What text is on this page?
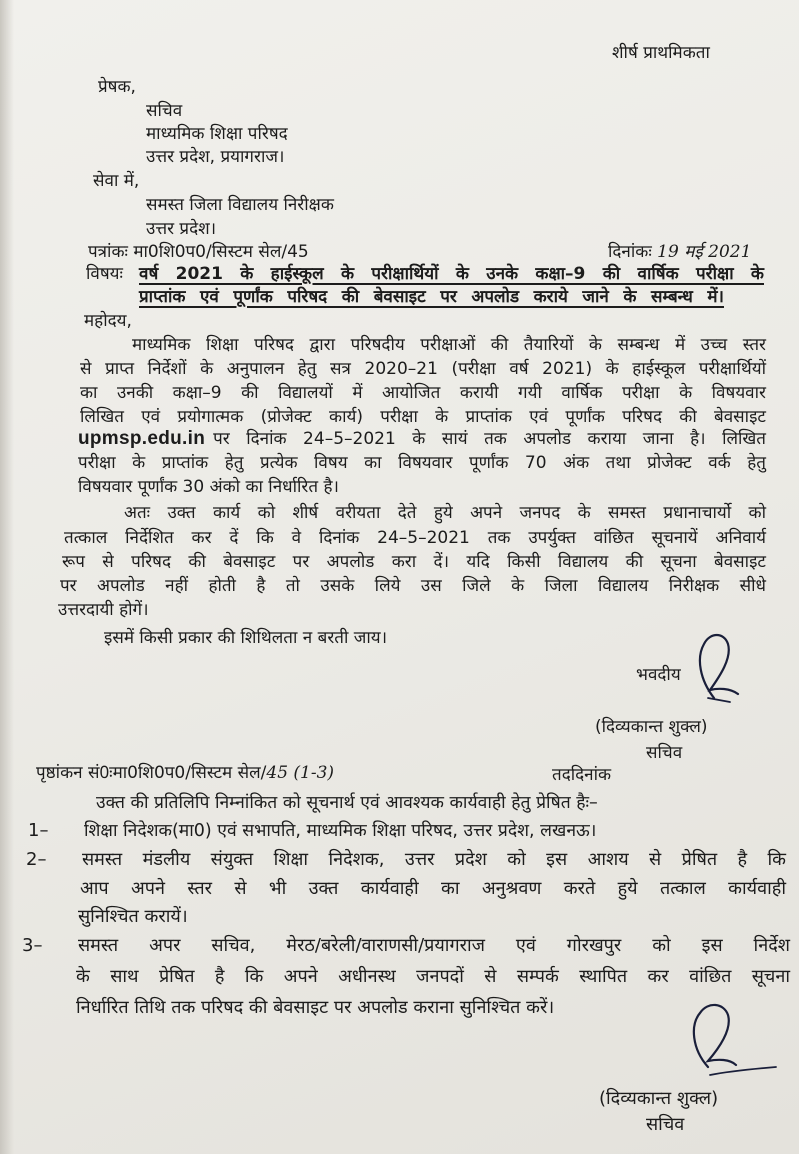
शीर्ष प्राथमिकता
प्रेषक,
सचिव
माध्यमिक शिक्षा परिषद
उत्तर प्रदेश, प्रयागराज।
सेवा में,
समस्त जिला विद्यालय निरीक्षक
उत्तर प्रदेश।
पत्रांकः मा0शि0प0/सिस्टम सेल/45	दिनांकः 19 मई 2021
विषयः वर्ष 2021 के हाईस्कूल के परीक्षार्थियों के उनके कक्षा–9 की वार्षिक परीक्षा के
प्राप्तांक एवं पूर्णांक परिषद की बेवसाइट पर अपलोड कराये जाने के सम्बन्ध में।
महोदय,
माध्यमिक शिक्षा परिषद द्वारा परिषदीय परीक्षाओं की तैयारियों के सम्बन्ध में उच्च स्तर
से प्राप्त निर्देशों के अनुपालन हेतु सत्र 2020–21 (परीक्षा वर्ष 2021) के हाईस्कूल परीक्षार्थियों
का उनकी कक्षा–9 की विद्यालयों में आयोजित करायी गयी वार्षिक परीक्षा के विषयवार
लिखित एवं प्रयोगात्मक (प्रोजेक्ट कार्य) परीक्षा के प्राप्तांक एवं पूर्णांक परिषद की बेवसाइट
upmsp.edu.in पर दिनांक 24–5–2021 के सायं तक अपलोड कराया जाना है। लिखित
परीक्षा के प्राप्तांक हेतु प्रत्येक विषय का विषयवार पूर्णांक 70 अंक तथा प्रोजेक्ट वर्क हेतु
विषयवार पूर्णांक 30 अंको का निर्धारित है।
अतः उक्त कार्य को शीर्ष वरीयता देते हुये अपने जनपद के समस्त प्रधानाचार्यो को
तत्काल निर्देशित कर दें कि वे दिनांक 24–5–2021 तक उपर्युक्त वांछित सूचनायें अनिवार्य
रूप से परिषद की बेवसाइट पर अपलोड करा दें। यदि किसी विद्यालय की सूचना बेवसाइट
पर अपलोड नहीं होती है तो उसके लिये उस जिले के जिला विद्यालय निरीक्षक सीधे
उत्तरदायी होगें।
इसमें किसी प्रकार की शिथिलता न बरती जाय।
भवदीय
(दिव्यकान्त शुक्ल)
सचिव
पृष्ठांकन सं0ःमा0शि0प0/सिस्टम सेल/45 (1-3)	तददिनांक
उक्त की प्रतिलिपि निम्नांकित को सूचनार्थ एवं आवश्यक कार्यवाही हेतु प्रेषित हैः–
1– शिक्षा निदेशक(मा0) एवं सभापति, माध्यमिक शिक्षा परिषद, उत्तर प्रदेश, लखनऊ।
2– समस्त मंडलीय संयुक्त शिक्षा निदेशक, उत्तर प्रदेश को इस आशय से प्रेषित है कि
आप अपने स्तर से भी उक्त कार्यवाही का अनुश्रवण करते हुये तत्काल कार्यवाही
सुनिश्चित करायें।
3– समस्त अपर सचिव, मेरठ/बरेली/वाराणसी/प्रयागराज एवं गोरखपुर को इस निर्देश
के साथ प्रेषित है कि अपने अधीनस्थ जनपदों से सम्पर्क स्थापित कर वांछित सूचना
निर्धारित तिथि तक परिषद की बेवसाइट पर अपलोड कराना सुनिश्चित करें।
(दिव्यकान्त शुक्ल)
सचिव
